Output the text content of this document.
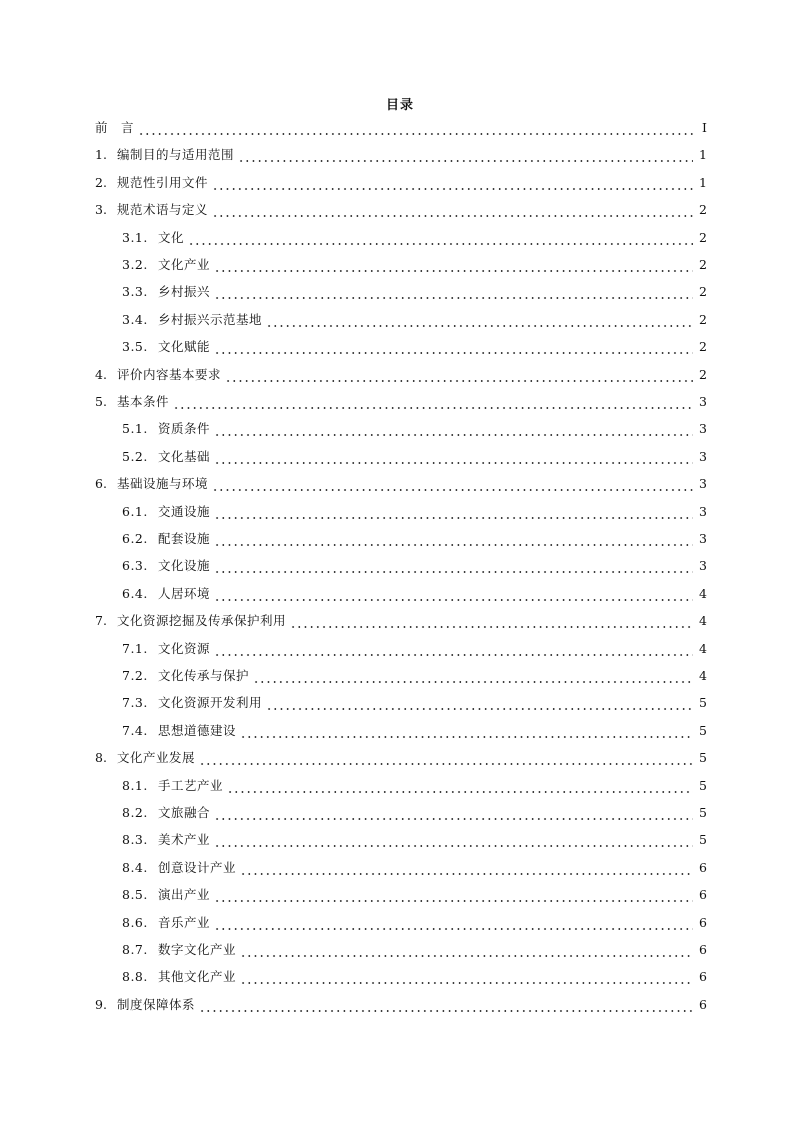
目录
前　言	Ⅰ
1. 编制目的与适用范围	1
2. 规范性引用文件	1
3. 规范术语与定义	2
3.1. 文化	2
3.2. 文化产业	2
3.3. 乡村振兴	2
3.4. 乡村振兴示范基地	2
3.5. 文化赋能	2
4. 评价内容基本要求	2
5. 基本条件	3
5.1. 资质条件	3
5.2. 文化基础	3
6. 基础设施与环境	3
6.1. 交通设施	3
6.2. 配套设施	3
6.3. 文化设施	3
6.4. 人居环境	4
7. 文化资源挖掘及传承保护利用	4
7.1. 文化资源	4
7.2. 文化传承与保护	4
7.3. 文化资源开发利用	5
7.4. 思想道德建设	5
8. 文化产业发展	5
8.1. 手工艺产业	5
8.2. 文旅融合	5
8.3. 美术产业	5
8.4. 创意设计产业	6
8.5. 演出产业	6
8.6. 音乐产业	6
8.7. 数字文化产业	6
8.8. 其他文化产业	6
9. 制度保障体系	6
